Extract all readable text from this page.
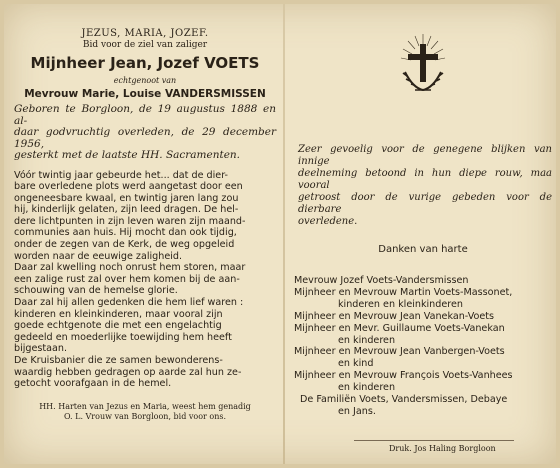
JEZUS, MARIA, JOZEF.
Bid voor de ziel van zaliger
Mijnheer Jean, Jozef VOETS
echtgenoot van
Mevrouw Marie, Louise VANDERSMISSEN
Geboren te Borgloon, de 19 augustus 1888 en al-
daar godvruchtig overleden, de 29 december 1956,
gesterkt met de laatste HH. Sacramenten.
Vóór twintig jaar gebeurde het... dat de dier-
bare overledene plots werd aangetast door een
ongeneesbare kwaal, en twintig jaren lang zou
hij, kinderlijk gelaten, zijn leed dragen. De hel-
dere lichtpunten in zijn leven waren zijn maand-
communies aan huis. Hij mocht dan ook tijdig,
onder de zegen van de Kerk, de weg opgeleid
worden naar de eeuwige zaligheid.
Daar zal kwelling noch onrust hem storen, maar
een zalige rust zal over hem komen bij de aan-
schouwing van de hemelse glorie.
Daar zal hij allen gedenken die hem lief waren :
kinderen en kleinkinderen, maar vooral zijn
goede echtgenote die met een engelachtig
gedeeld en moederlijke toewijding hem heeft
bijgestaan.
De Kruisbanier die ze samen bewonderens-
waardig hebben gedragen op aarde zal hun ze-
getocht voorafgaan in de hemel.
HH. Harten van Jezus en Maria, weest hem genadig
O. L. Vrouw van Borgloon, bid voor ons.
Zeer gevoelig voor de genegene blijken van innige
deelneming betoond in hun diepe rouw, maa vooral
getroost door de vurige gebeden voor de dierbare
overledene.
Danken van harte
Mevrouw Jozef Voets-Vandersmissen
Mijnheer en Mevrouw Martin Voets-Massonet,
kinderen en kleinkinderen
Mijnheer en Mevrouw Jean Vanekan-Voets
Mijnheer en Mevr. Guillaume Voets-Vanekan
en kinderen
Mijnheer en Mevrouw Jean Vanbergen-Voets
en kind
Mijnheer en Mevrouw François Voets-Vanhees
en kinderen
De Familiën Voets, Vandersmissen, Debaye
en Jans.
Druk. Jos Haling Borgloon
